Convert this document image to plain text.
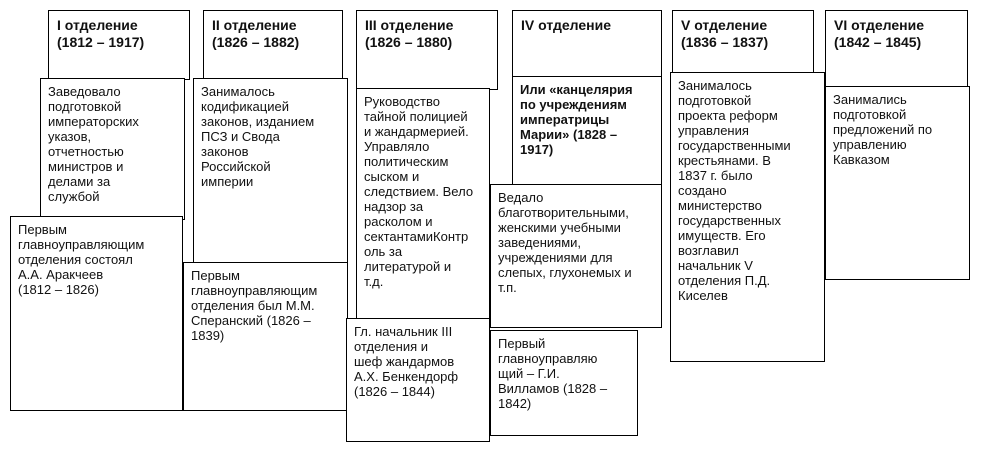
I отделение
(1812 – 1917)
Заведовало
подготовкой
императорских
указов,
отчетностью
министров и
делами за
службой
Первым
главноуправляющим
отделения состоял
А.А. Аракчеев
(1812 – 1826)
II отделение
(1826 – 1882)
Занималось
кодификацией
законов, изданием
ПСЗ и Свода
законов
Российской
империи
Первым
главноуправляющим
отделения был М.М.
Сперанский (1826 –
1839)
III отделение
(1826 – 1880)
Руководство
тайной полицией
и жандармерией.
Управляло
политическим
сыском и
следствием. Вело
надзор за
расколом и
сектантамиКонтр
оль за
литературой и
т.д.
Гл. начальник III
отделения и
шеф жандармов
А.Х. Бенкендорф
(1826 – 1844)
IV отделение
Или «канцелярия
по учреждениям
императрицы
Марии» (1828 –
1917)
Ведало
благотворительными,
женскими учебными
заведениями,
учреждениями для
слепых, глухонемых и
т.п.
Первый
главноуправляю
щий – Г.И.
Вилламов (1828 –
1842)
V отделение
(1836 – 1837)
Занималось
подготовкой
проекта реформ
управления
государственными
крестьянами. В
1837 г. было
создано
министерство
государственных
имуществ. Его
возглавил
начальник V
отделения П.Д.
Киселев
VI отделение
(1842 – 1845)
Занимались
подготовкой
предложений по
управлению
Кавказом
